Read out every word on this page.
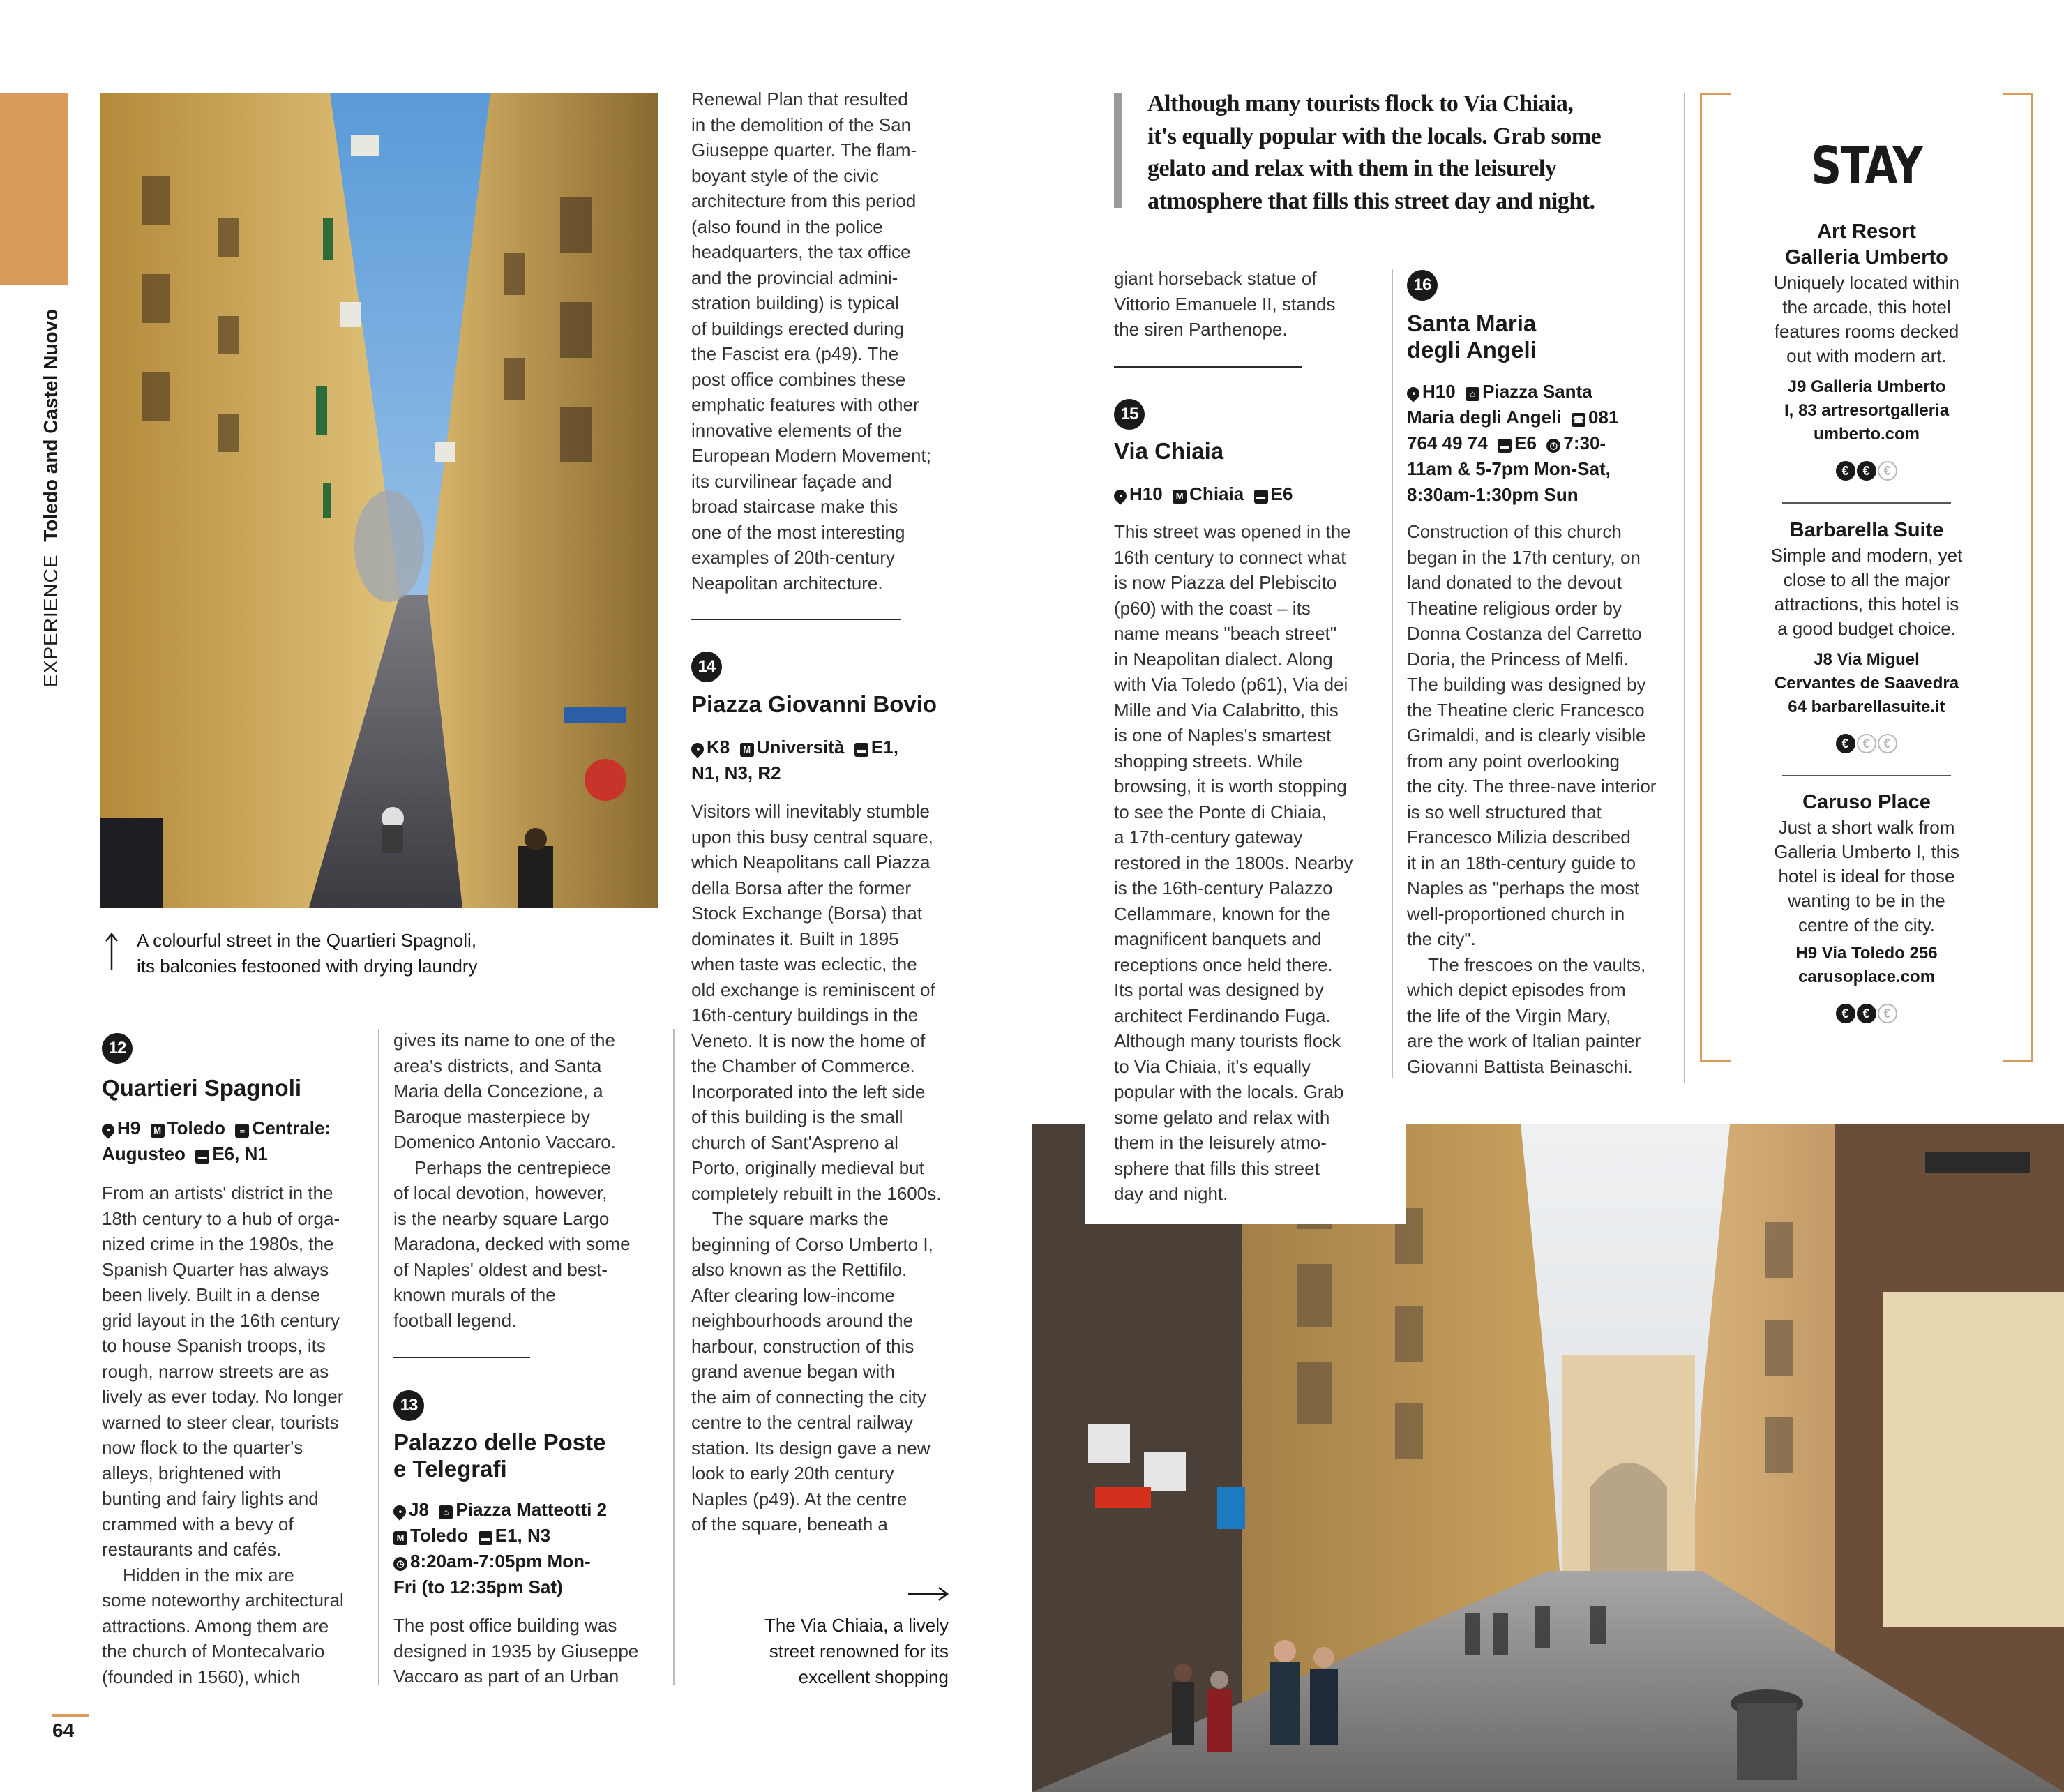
EXPERIENCE Toledo and Castel Nuovo
64
A colourful street in the Quartieri Spagnoli,
its balconies festooned with drying laundry
12
Quartieri Spagnoli
• H9 M Toledo ≡ Centrale:
Augusteo ▬ E6, N1

From an artists' district in the

18th century to a hub of orga-

nized crime in the 1980s, the

Spanish Quarter has always

been lively. Built in a dense

grid layout in the 16th century

to house Spanish troops, its

rough, narrow streets are as

lively as ever today. No longer

warned to steer clear, tourists

now flock to the quarter's

alleys, brightened with

bunting and fairy lights and

crammed with a bevy of

restaurants and cafés.

Hidden in the mix are

some noteworthy architectural

attractions. Among them are

the church of Montecalvario

(founded in 1560), which

gives its name to one of the

area's districts, and Santa

Maria della Concezione, a

Baroque masterpiece by

Domenico Antonio Vaccaro.

Perhaps the centrepiece

of local devotion, however,

is the nearby square Largo

Maradona, decked with some

of Naples' oldest and best-

known murals of the

football legend.

13
Palazzo delle Poste
e Telegrafi
• J8 ⌂ Piazza Matteotti 2
M Toledo ▬ E1, N3
◷ 8:20am-7:05pm Mon-
Fri (to 12:35pm Sat)

The post office building was

designed in 1935 by Giuseppe

Vaccaro as part of an Urban

Renewal Plan that resulted

in the demolition of the San

Giuseppe quarter. The flam-

boyant style of the civic

architecture from this period

(also found in the police

headquarters, the tax office

and the provincial admini-

stration building) is typical

of buildings erected during

the Fascist era (p49). The

post office combines these

emphatic features with other

innovative elements of the

European Modern Movement;

its curvilinear façade and

broad staircase make this

one of the most interesting

examples of 20th-century

Neapolitan architecture.

14
Piazza Giovanni Bovio
• K8 M Università ▬ E1,
N1, N3, R2

Visitors will inevitably stumble

upon this busy central square,

which Neapolitans call Piazza

della Borsa after the former

Stock Exchange (Borsa) that

dominates it. Built in 1895

when taste was eclectic, the

old exchange is reminiscent of

16th-century buildings in the

Veneto. It is now the home of

the Chamber of Commerce.

Incorporated into the left side

of this building is the small

church of Sant'Aspreno al

Porto, originally medieval but

completely rebuilt in the 1600s.

The square marks the

beginning of Corso Umberto I,

also known as the Rettifilo.

After clearing low-income

neighbourhoods around the

harbour, construction of this

grand avenue began with

the aim of connecting the city

centre to the central railway

station. Its design gave a new

look to early 20th century

Naples (p49). At the centre

of the square, beneath a

The Via Chiaia, a lively
street renowned for its
excellent shopping
Although many tourists flock to Via Chiaia,
it's equally popular with the locals. Grab some
gelato and relax with them in the leisurely
atmosphere that fills this street day and night.

giant horseback statue of

Vittorio Emanuele II, stands

the siren Parthenope.

15
Via Chiaia
• H10 M Chiaia ▬ E6

This street was opened in the

16th century to connect what

is now Piazza del Plebiscito

(p60) with the coast – its

name means "beach street"

in Neapolitan dialect. Along

with Via Toledo (p61), Via dei

Mille and Via Calabritto, this

is one of Naples's smartest

shopping streets. While

browsing, it is worth stopping

to see the Ponte di Chiaia,

a 17th-century gateway

restored in the 1800s. Nearby

is the 16th-century Palazzo

Cellammare, known for the

magnificent banquets and

receptions once held there.

Its portal was designed by

architect Ferdinando Fuga.

Although many tourists flock

to Via Chiaia, it's equally

popular with the locals. Grab

some gelato and relax with

them in the leisurely atmo-

sphere that fills this street

day and night.

16
Santa Maria
degli Angeli
• H10 ⌂ Piazza Santa
Maria degli Angeli ☎ 081
764 49 74 ▬ E6 ◷ 7:30-
11am & 5-7pm Mon-Sat,
8:30am-1:30pm Sun

Construction of this church

began in the 17th century, on

land donated to the devout

Theatine religious order by

Donna Costanza del Carretto

Doria, the Princess of Melfi.

The building was designed by

the Theatine cleric Francesco

Grimaldi, and is clearly visible

from any point overlooking

the city. The three-nave interior

is so well structured that

Francesco Milizia described

it in an 18th-century guide to

Naples as "perhaps the most

well-proportioned church in

the city".

The frescoes on the vaults,

which depict episodes from

the life of the Virgin Mary,

are the work of Italian painter

Giovanni Battista Beinaschi.

STAY
Art Resort
Galleria Umberto
Uniquely located within
the arcade, this hotel
features rooms decked
out with modern art.
J9 Galleria Umberto
I, 83 artresortgalleria
umberto.com
€ € €
Barbarella Suite
Simple and modern, yet
close to all the major
attractions, this hotel is
a good budget choice.
J8 Via Miguel
Cervantes de Saavedra
64 barbarellasuite.it
€ € €
Caruso Place
Just a short walk from
Galleria Umberto I, this
hotel is ideal for those
wanting to be in the
centre of the city.
H9 Via Toledo 256
carusoplace.com
€ € €
